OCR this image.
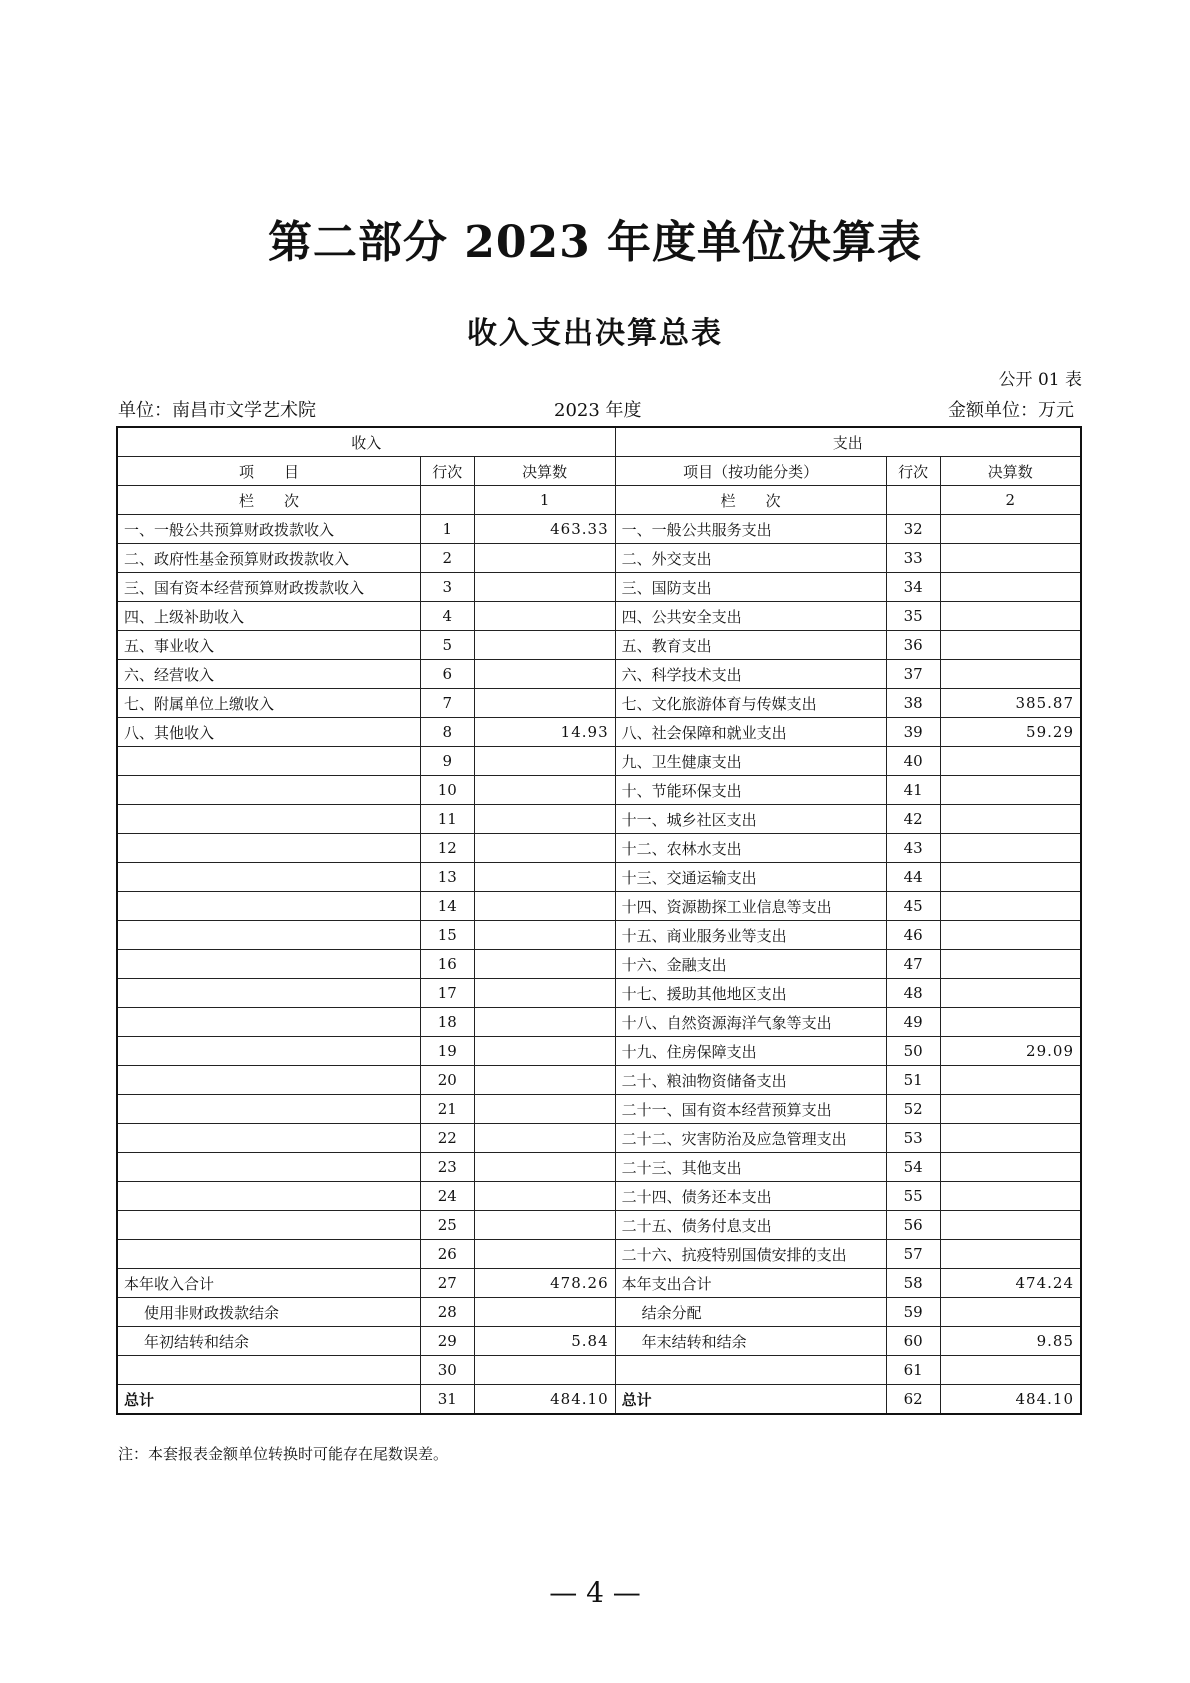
第二部分 2023 年度单位决算表
收入支出决算总表
公开 01 表
单位：南昌市文学艺术院	2023 年度	金额单位：万元
收入			支出		
项　　目	行次	决算数	项目（按功能分类）	行次	决算数
栏　　次		1	栏　　次		2
一、一般公共预算财政拨款收入	1	463.33	一、一般公共服务支出	32	
二、政府性基金预算财政拨款收入	2		二、外交支出	33	
三、国有资本经营预算财政拨款收入	3		三、国防支出	34	
四、上级补助收入	4		四、公共安全支出	35	
五、事业收入	5		五、教育支出	36	
六、经营收入	6		六、科学技术支出	37	
七、附属单位上缴收入	7		七、文化旅游体育与传媒支出	38	385.87
八、其他收入	8	14.93	八、社会保障和就业支出	39	59.29
	9		九、卫生健康支出	40	
	10		十、节能环保支出	41	
	11		十一、城乡社区支出	42	
	12		十二、农林水支出	43	
	13		十三、交通运输支出	44	
	14		十四、资源勘探工业信息等支出	45	
	15		十五、商业服务业等支出	46	
	16		十六、金融支出	47	
	17		十七、援助其他地区支出	48	
	18		十八、自然资源海洋气象等支出	49	
	19		十九、住房保障支出	50	29.09
	20		二十、粮油物资储备支出	51	
	21		二十一、国有资本经营预算支出	52	
	22		二十二、灾害防治及应急管理支出	53	
	23		二十三、其他支出	54	
	24		二十四、债务还本支出	55	
	25		二十五、债务付息支出	56	
	26		二十六、抗疫特别国债安排的支出	57	
本年收入合计	27	478.26	本年支出合计	58	474.24
使用非财政拨款结余	28		结余分配	59	
年初结转和结余	29	5.84	年末结转和结余	60	9.85
	30			61	
总计	31	484.10	总计	62	484.10
注：本套报表金额单位转换时可能存在尾数误差。
— 4 —
